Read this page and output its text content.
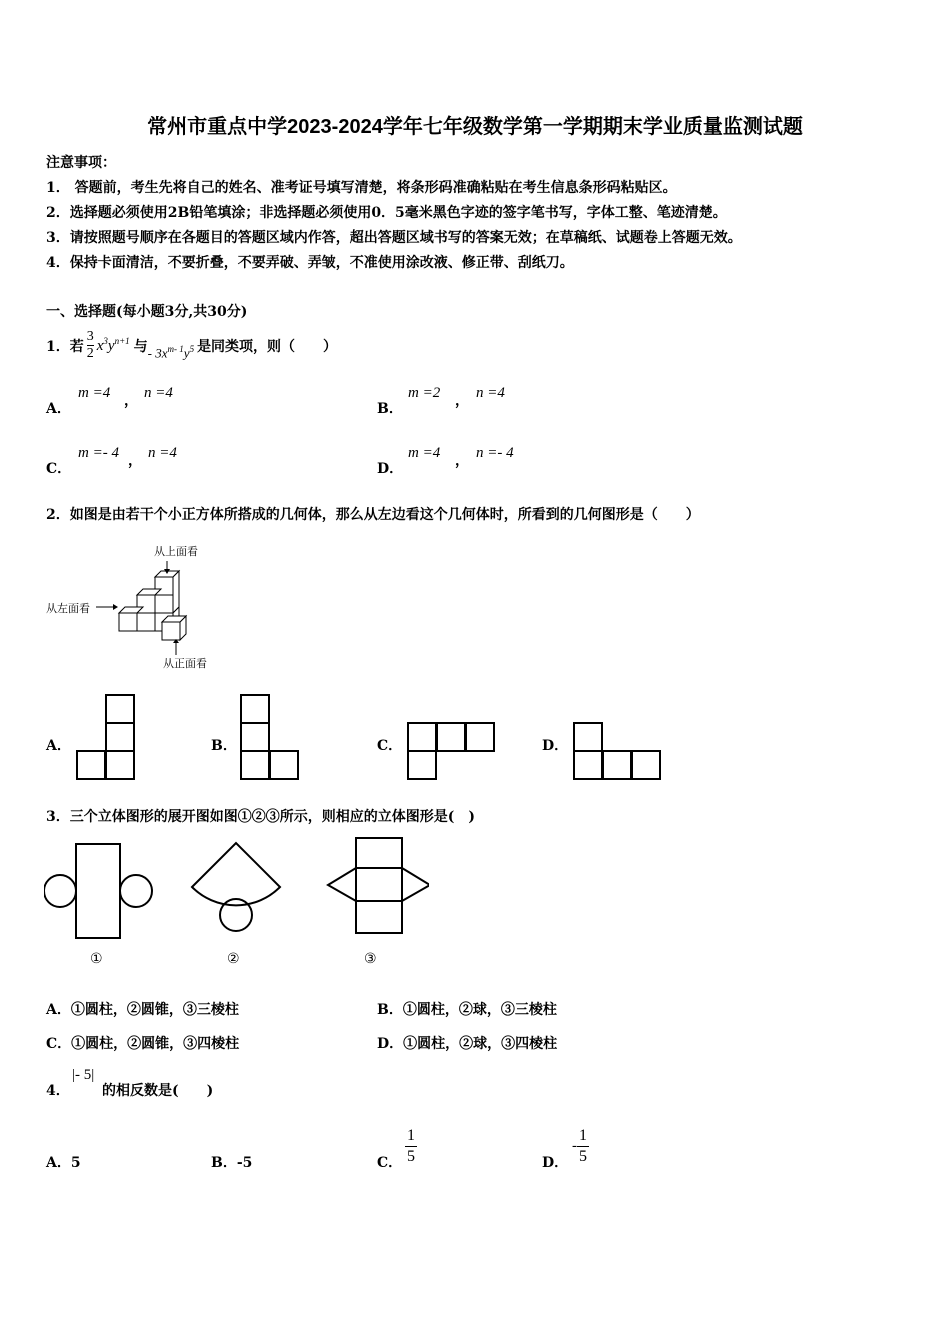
常州市重点中学2023-2024学年七年级数学第一学期期末学业质量监测试题
注意事项：
1． 答题前，考生先将自己的姓名、准考证号填写清楚，将条形码准确粘贴在考生信息条形码粘贴区。
2．选择题必须使用2B铅笔填涂；非选择题必须使用0．5毫米黑色字迹的签字笔书写，字体工整、笔迹清楚。
3．请按照题号顺序在各题目的答题区域内作答，超出答题区域书写的答案无效；在草稿纸、试题卷上答题无效。
4．保持卡面清洁，不要折叠，不要弄破、弄皱，不准使用涂改液、修正带、刮纸刀。
一、选择题(每小题3分,共30分)
1．若 $\frac{3}{2} x^3y^{n+1}$ 与 - $3x^{m- 1}y^5$ 是同类项，则（　　）
A．
m =4 ， n =4
B．
m =2 ， n =4
C．
m =- 4 ， n =4
D．
m =4 ， n =- 4
2．如图是由若干个小正方体所搭成的几何体，那么从左边看这个几何体时，所看到的几何图形是（　　）
从上面看
从左面看
从正面看
A．	B．	C．	D．
3．三个立体图形的展开图如图①②③所示，则相应的立体图形是(　)
①	②	③
A．①圆柱，②圆锥，③三棱柱	B．①圆柱，②球，③三棱柱
C．①圆柱，②圆锥，③四棱柱	D．①圆柱，②球，③四棱柱
4．
|- 5|
的相反数是(　　)
A．5	B．-5	C． $\frac{1}{5}$	D．
- $\frac{1}{5}$
